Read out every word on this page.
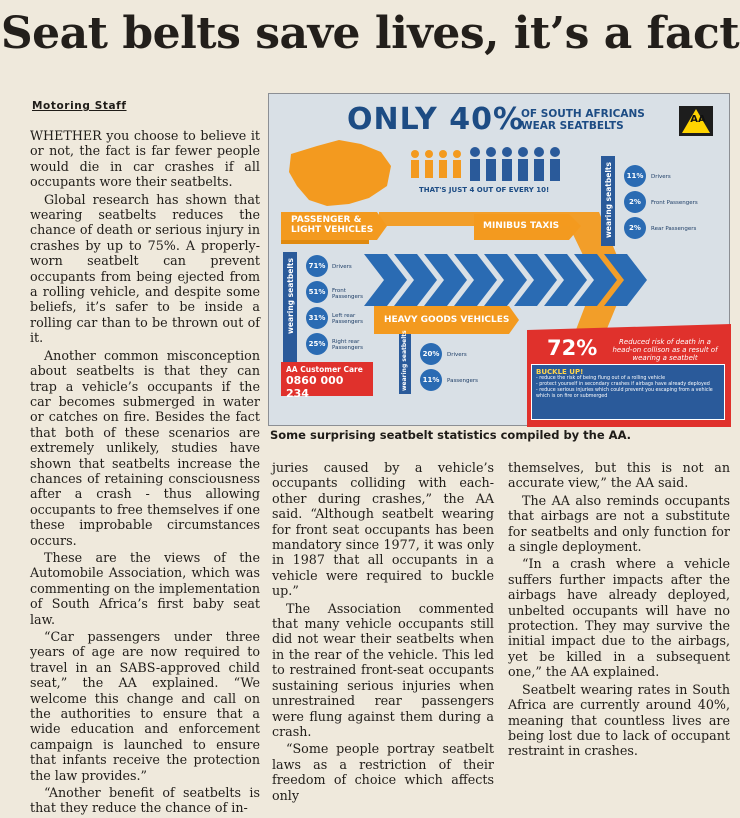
Seat belts save lives, it’s a fact
Motoring Staff	ONLY 40%
OF SOUTH AFRICANS WEAR SEATBELTS
AA
THAT'S JUST 4 OUT OF EVERY 10!
PASSENGER & LIGHT VEHICLES	MINIBUS TAXIS
HEAVY GOODS VEHICLES
wearing seatbelts
wearing seatbelts
wearing seatbelts
71%	Drivers
51%	Front Passengers
31%	Left rear Passengers
25%	Right rear Passengers
11%	Drivers
2%	Front Passengers
2%	Rear Passengers
20%	Drivers
11%	Passengers
AA Customer Care
0860 000 234
72%	Reduced risk of death in a head-on collison as a result of wearing a seatbelt
BUCKLE UP!
- reduce the risk of being flung out of a rolling vehicle
- protect yourself in secondary crashes if airbags have already deployed
- reduce serious injuries which could prevent you escaping from a vehicle which is on fire or submerged
Some surprising seatbelt statistics compiled by the AA.

WHETHER you choose to believe it or not, the fact is far fewer people would die in car crashes if all occupants wore their seatbelts.

Global research has shown that wearing seatbelts reduces the chance of death or serious injury in crashes by up to 75%. A properly-worn seatbelt can prevent occupants from being ejected from a rolling vehicle, and despite some beliefs, it’s safer to be inside a rolling car than to be thrown out of it.

Another common misconception about seatbelts is that they can trap a vehicle’s occupants if the car becomes submerged in water or catches on fire. Besides the fact that both of these scenarios are extremely unlikely, studies have shown that seatbelts increase the chances of retaining consciousness after a crash - thus allowing occupants to free themselves if one these improbable circumstances occurs.

These are the views of the Automobile Association, which was commenting on the implementation of South Africa’s first baby seat law.

“Car passengers under three years of age are now required to travel in an SABS-approved child seat,” the AA explained. “We welcome this change and call on the authorities to ensure that a wide education and enforcement campaign is launched to ensure that infants receive the protection the law provides.”

“Another benefit of seatbelts is that they reduce the chance of in-

juries caused by a vehicle’s occupants colliding with each-other during crashes,” the AA said. “Although seatbelt wearing for front seat occupants has been mandatory since 1977, it was only in 1987 that all occupants in a vehicle were required to buckle up.”

The Association commented that many vehicle occupants still did not wear their seatbelts when in the rear of the vehicle. This led to restrained front-seat occupants sustaining serious injuries when unrestrained rear passengers were flung against them during a crash.

“Some people portray seatbelt laws as a restriction of their freedom of choice which affects only

themselves, but this is not an accurate view,” the AA said.

The AA also reminds occupants that airbags are not a substitute for seatbelts and only function for a single deployment.

“In a crash where a vehicle suffers further impacts after the airbags have already deployed, unbelted occupants will have no protection. They may survive the initial impact due to the airbags, yet be killed in a subsequent one,” the AA explained.

Seatbelt wearing rates in South Africa are currently around 40%, meaning that countless lives are being lost due to lack of occupant restraint in crashes.
